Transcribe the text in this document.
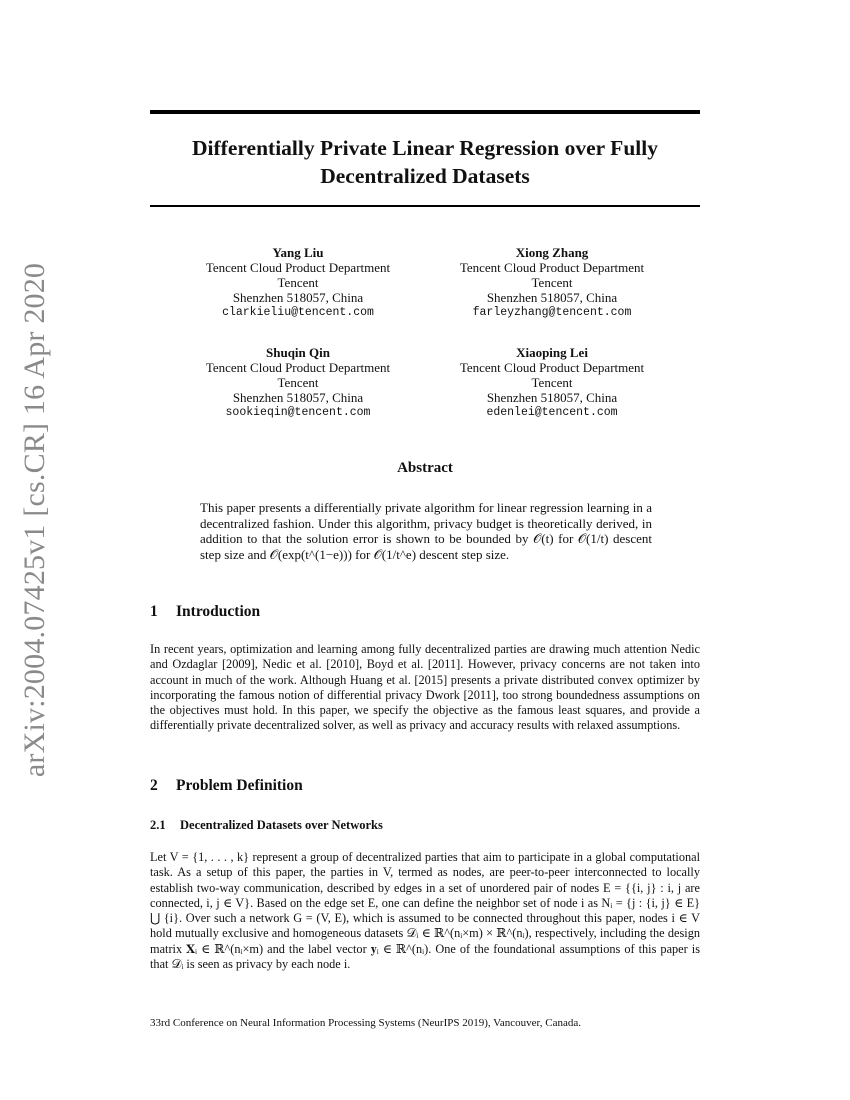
arXiv:2004.07425v1 [cs.CR] 16 Apr 2020
Differentially Private Linear Regression over Fully Decentralized Datasets
Yang Liu
Tencent Cloud Product Department
Tencent
Shenzhen 518057, China
clarkieliu@tencent.com
Xiong Zhang
Tencent Cloud Product Department
Tencent
Shenzhen 518057, China
farleyzhang@tencent.com
Shuqin Qin
Tencent Cloud Product Department
Tencent
Shenzhen 518057, China
sookieqin@tencent.com
Xiaoping Lei
Tencent Cloud Product Department
Tencent
Shenzhen 518057, China
edenlei@tencent.com
Abstract

This paper presents a differentially private algorithm for linear regression learning in a decentralized fashion. Under this algorithm, privacy budget is theoretically derived, in addition to that the solution error is shown to be bounded by 𝒪(t) for 𝒪(1/t) descent step size and 𝒪(exp(t^(1−e))) for 𝒪(1/t^e) descent step size.

1 Introduction

In recent years, optimization and learning among fully decentralized parties are drawing much attention Nedic and Ozdaglar [2009], Nedic et al. [2010], Boyd et al. [2011]. However, privacy concerns are not taken into account in much of the work. Although Huang et al. [2015] presents a private distributed convex optimizer by incorporating the famous notion of differential privacy Dwork [2011], too strong boundedness assumptions on the objectives must hold. In this paper, we specify the objective as the famous least squares, and provide a differentially private decentralized solver, as well as privacy and accuracy results with relaxed assumptions.

2 Problem Definition
2.1 Decentralized Datasets over Networks

Let V = {1, . . . , k} represent a group of decentralized parties that aim to participate in a global computational task. As a setup of this paper, the parties in V, termed as nodes, are peer-to-peer interconnected to locally establish two-way communication, described by edges in a set of unordered pair of nodes E = {{i, j} : i, j are connected, i, j ∈ V}. Based on the edge set E, one can define the neighbor set of node i as Nᵢ = {j : {i, j} ∈ E} ⋃ {i}. Over such a network G = (V, E), which is assumed to be connected throughout this paper, nodes i ∈ V hold mutually exclusive and homogeneous datasets 𝒟ᵢ ∈ ℝ^(nᵢ×m) × ℝ^(nᵢ), respectively, including the design matrix 𝐗ᵢ ∈ ℝ^(nᵢ×m) and the label vector 𝐲ᵢ ∈ ℝ^(nᵢ). One of the foundational assumptions of this paper is that 𝒟ᵢ is seen as privacy by each node i.

33rd Conference on Neural Information Processing Systems (NeurIPS 2019), Vancouver, Canada.
